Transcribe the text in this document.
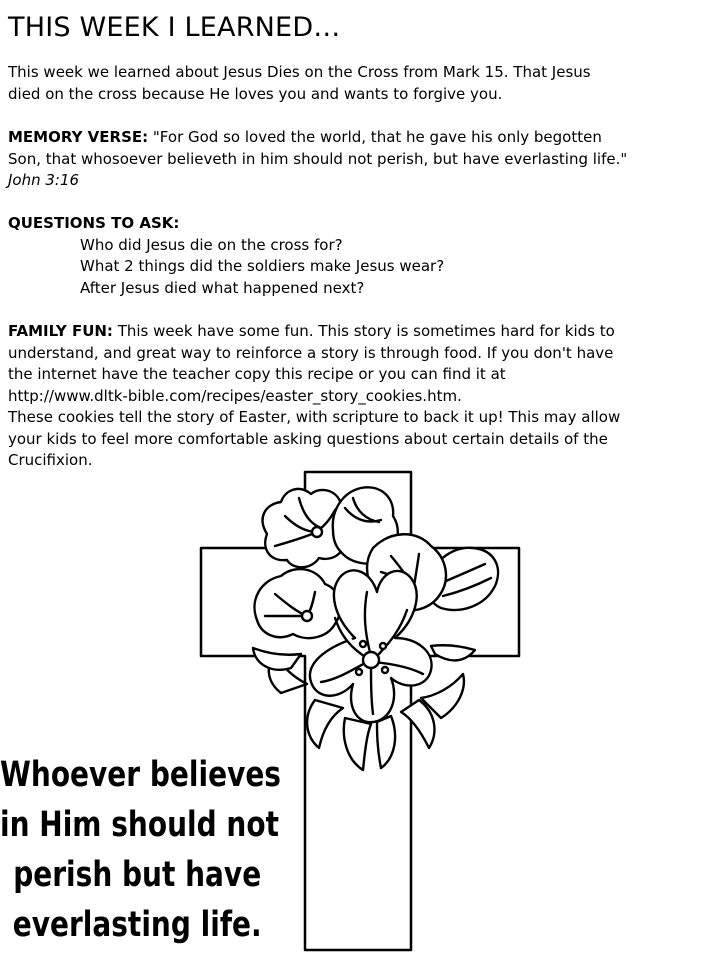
THIS WEEK I LEARNED…

This week we learned about Jesus Dies on the Cross from Mark 15. That Jesus

died on the cross because He loves you and wants to forgive you.

MEMORY VERSE: "For God so loved the world, that he gave his only begotten

Son, that whosoever believeth in him should not perish, but have everlasting life."

John 3:16

QUESTIONS TO ASK:

Who did Jesus die on the cross for?

What 2 things did the soldiers make Jesus wear?

After Jesus died what happened next?

FAMILY FUN: This week have some fun. This story is sometimes hard for kids to

understand, and great way to reinforce a story is through food. If you don't have

the internet have the teacher copy this recipe or you can find it at

http://www.dltk-bible.com/recipes/easter_story_cookies.htm.

These cookies tell the story of Easter, with scripture to back it up! This may allow

your kids to feel more comfortable asking questions about certain details of the

Crucifixion.

Whoever believes
in Him should not
perish but have
everlasting life.
